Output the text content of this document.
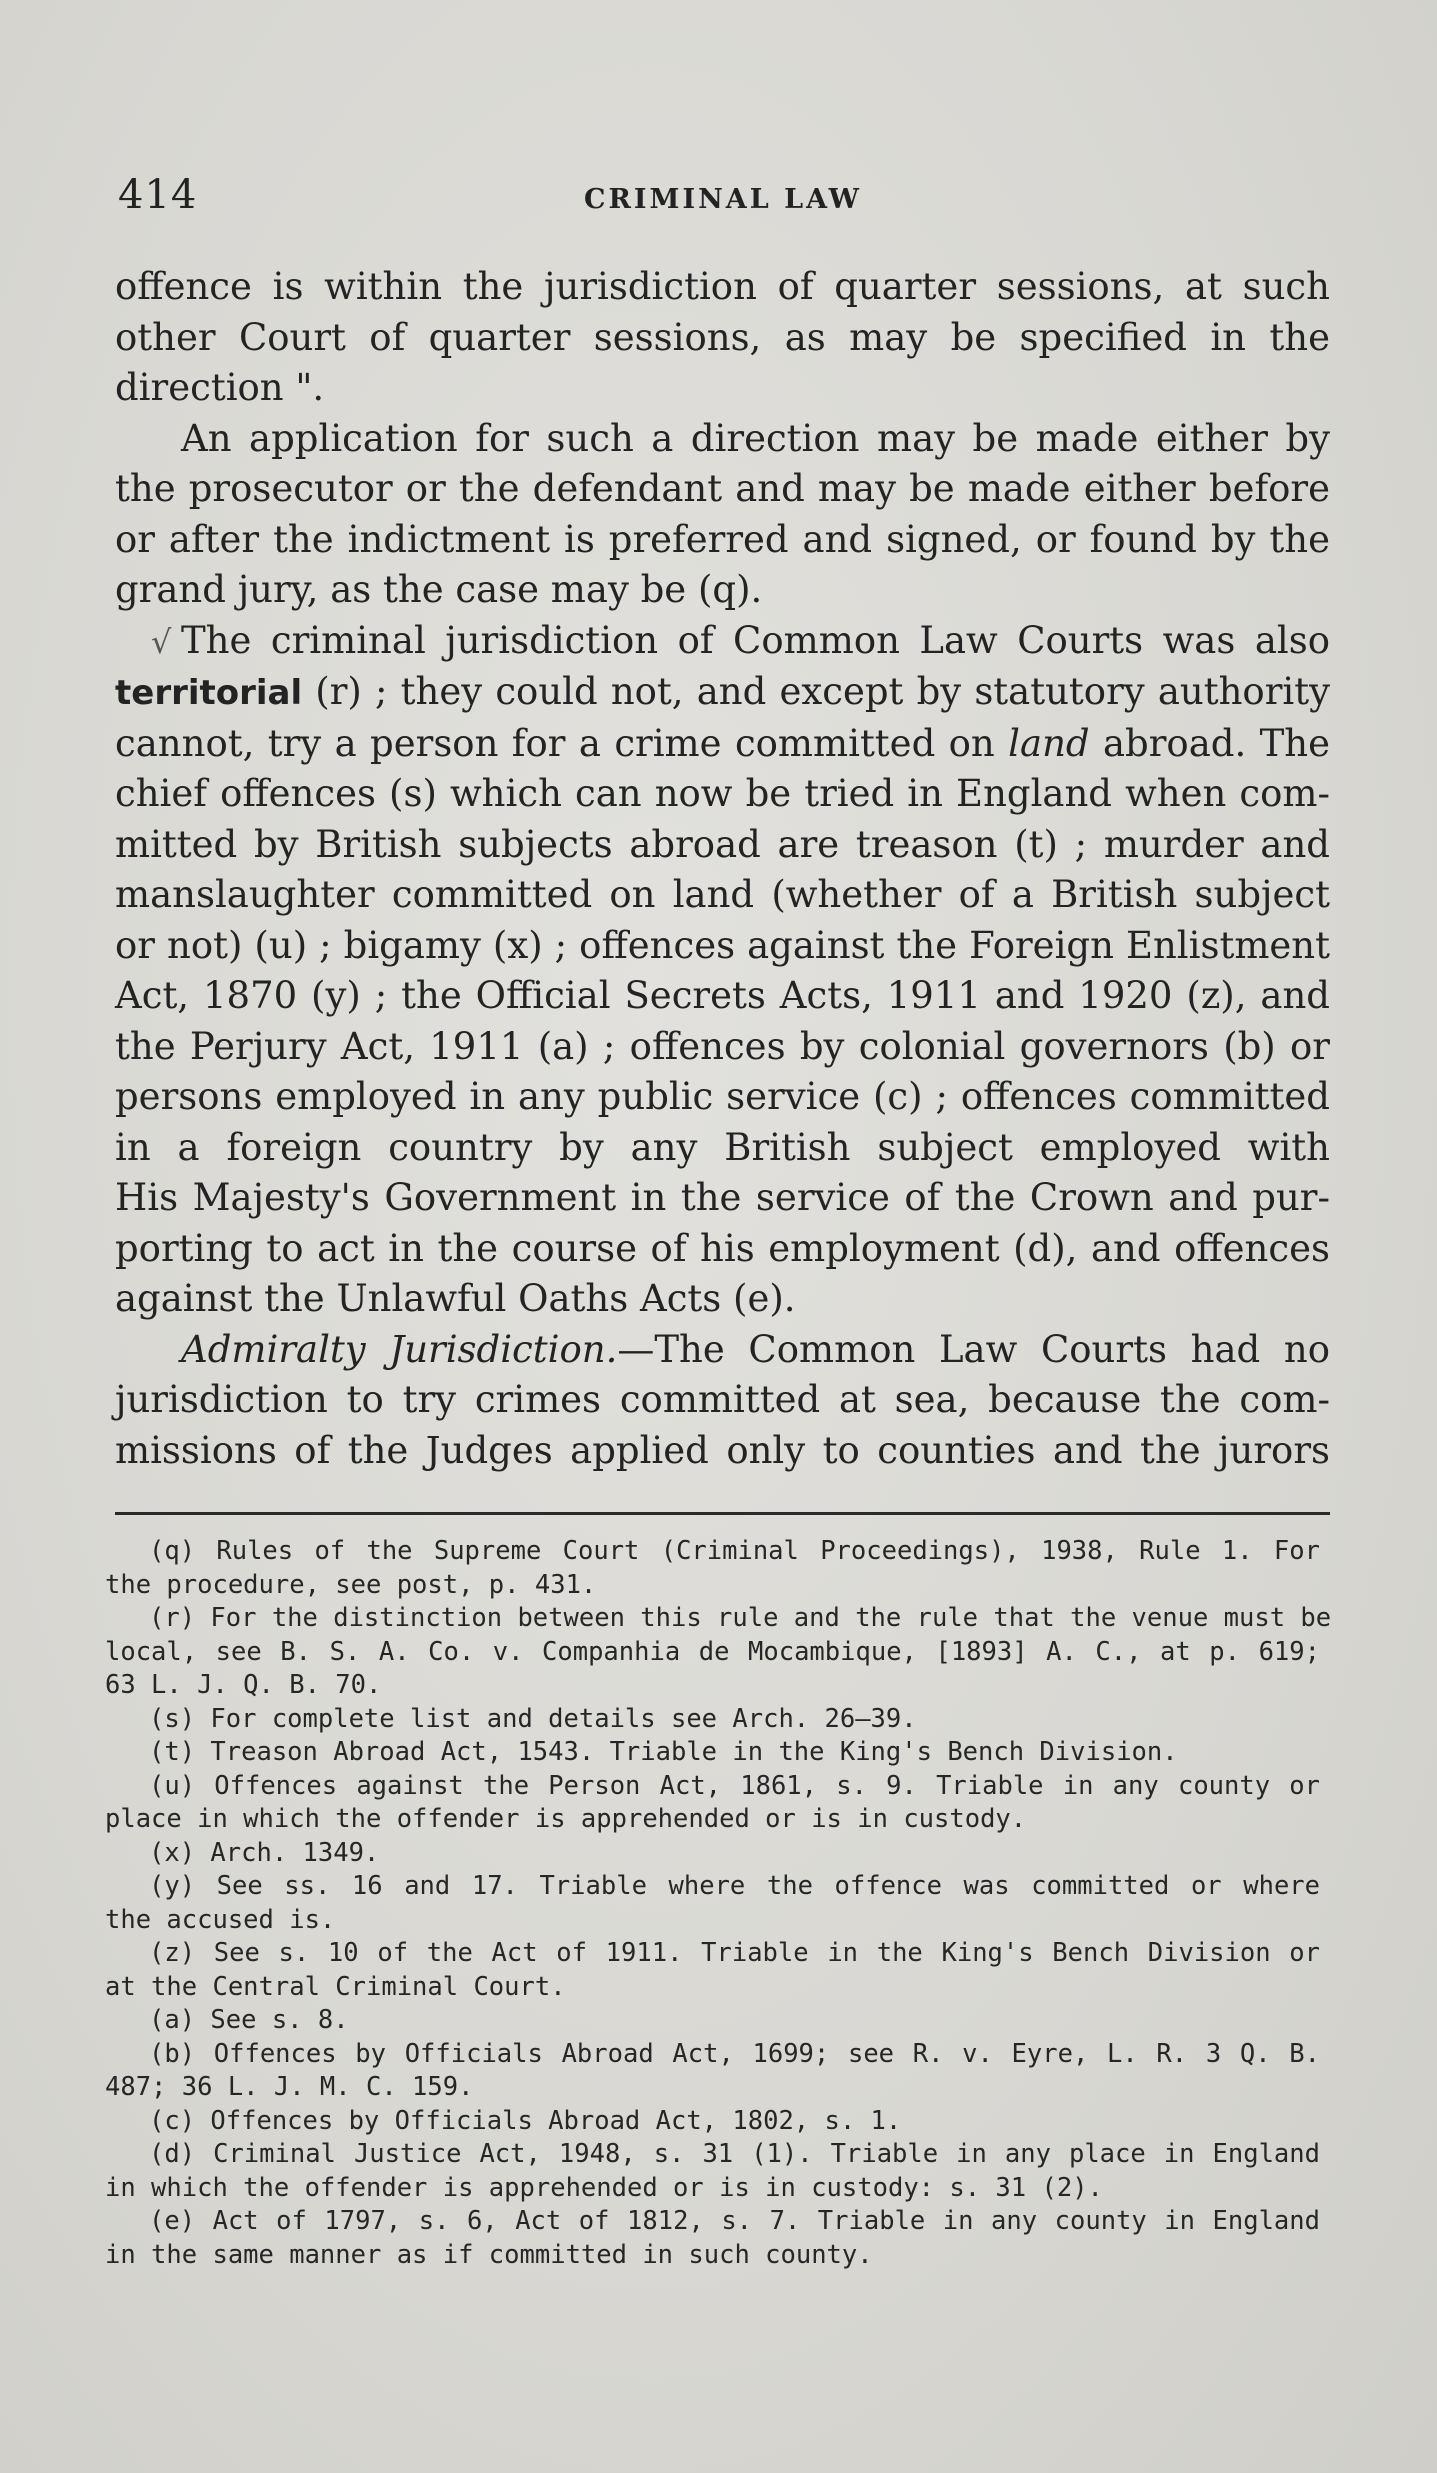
414	CRIMINAL LAW

offence is within the jurisdiction of quarter sessions, at such
other Court of quarter sessions, as may be specified in the
direction ".

An application for such a direction may be made either by
the prosecutor or the defendant and may be made either before
or after the indictment is preferred and signed, or found by the
grand jury, as the case may be (q).

√ The criminal jurisdiction of Common Law Courts was also
territorial (r) ; they could not, and except by statutory authority
cannot, try a person for a crime committed on land abroad. The
chief offences (s) which can now be tried in England when com-
mitted by British subjects abroad are treason (t) ; murder and
manslaughter committed on land (whether of a British subject
or not) (u) ; bigamy (x) ; offences against the Foreign Enlistment
Act, 1870 (y) ; the Official Secrets Acts, 1911 and 1920 (z), and
the Perjury Act, 1911 (a) ; offences by colonial governors (b) or
persons employed in any public service (c) ; offences committed
in a foreign country by any British subject employed with
His Majesty's Government in the service of the Crown and pur-
porting to act in the course of his employment (d), and offences
against the Unlawful Oaths Acts (e).

Admiralty Jurisdiction.—The Common Law Courts had no
jurisdiction to try crimes committed at sea, because the com-
missions of the Judges applied only to counties and the jurors

(q) Rules of the Supreme Court (Criminal Proceedings), 1938, Rule 1. For
the procedure, see post, p. 431.

(r) For the distinction between this rule and the rule that the venue must be
local, see B. S. A. Co. v. Companhia de Mocambique, [1893] A. C., at p. 619;
63 L. J. Q. B. 70.

(s) For complete list and details see Arch. 26–39.

(t) Treason Abroad Act, 1543. Triable in the King's Bench Division.

(u) Offences against the Person Act, 1861, s. 9. Triable in any county or
place in which the offender is apprehended or is in custody.

(x) Arch. 1349.

(y) See ss. 16 and 17. Triable where the offence was committed or where
the accused is.

(z) See s. 10 of the Act of 1911. Triable in the King's Bench Division or
at the Central Criminal Court.

(a) See s. 8.

(b) Offences by Officials Abroad Act, 1699; see R. v. Eyre, L. R. 3 Q. B.
487; 36 L. J. M. C. 159.

(c) Offences by Officials Abroad Act, 1802, s. 1.

(d) Criminal Justice Act, 1948, s. 31 (1). Triable in any place in England
in which the offender is apprehended or is in custody: s. 31 (2).

(e) Act of 1797, s. 6, Act of 1812, s. 7. Triable in any county in England
in the same manner as if committed in such county.
